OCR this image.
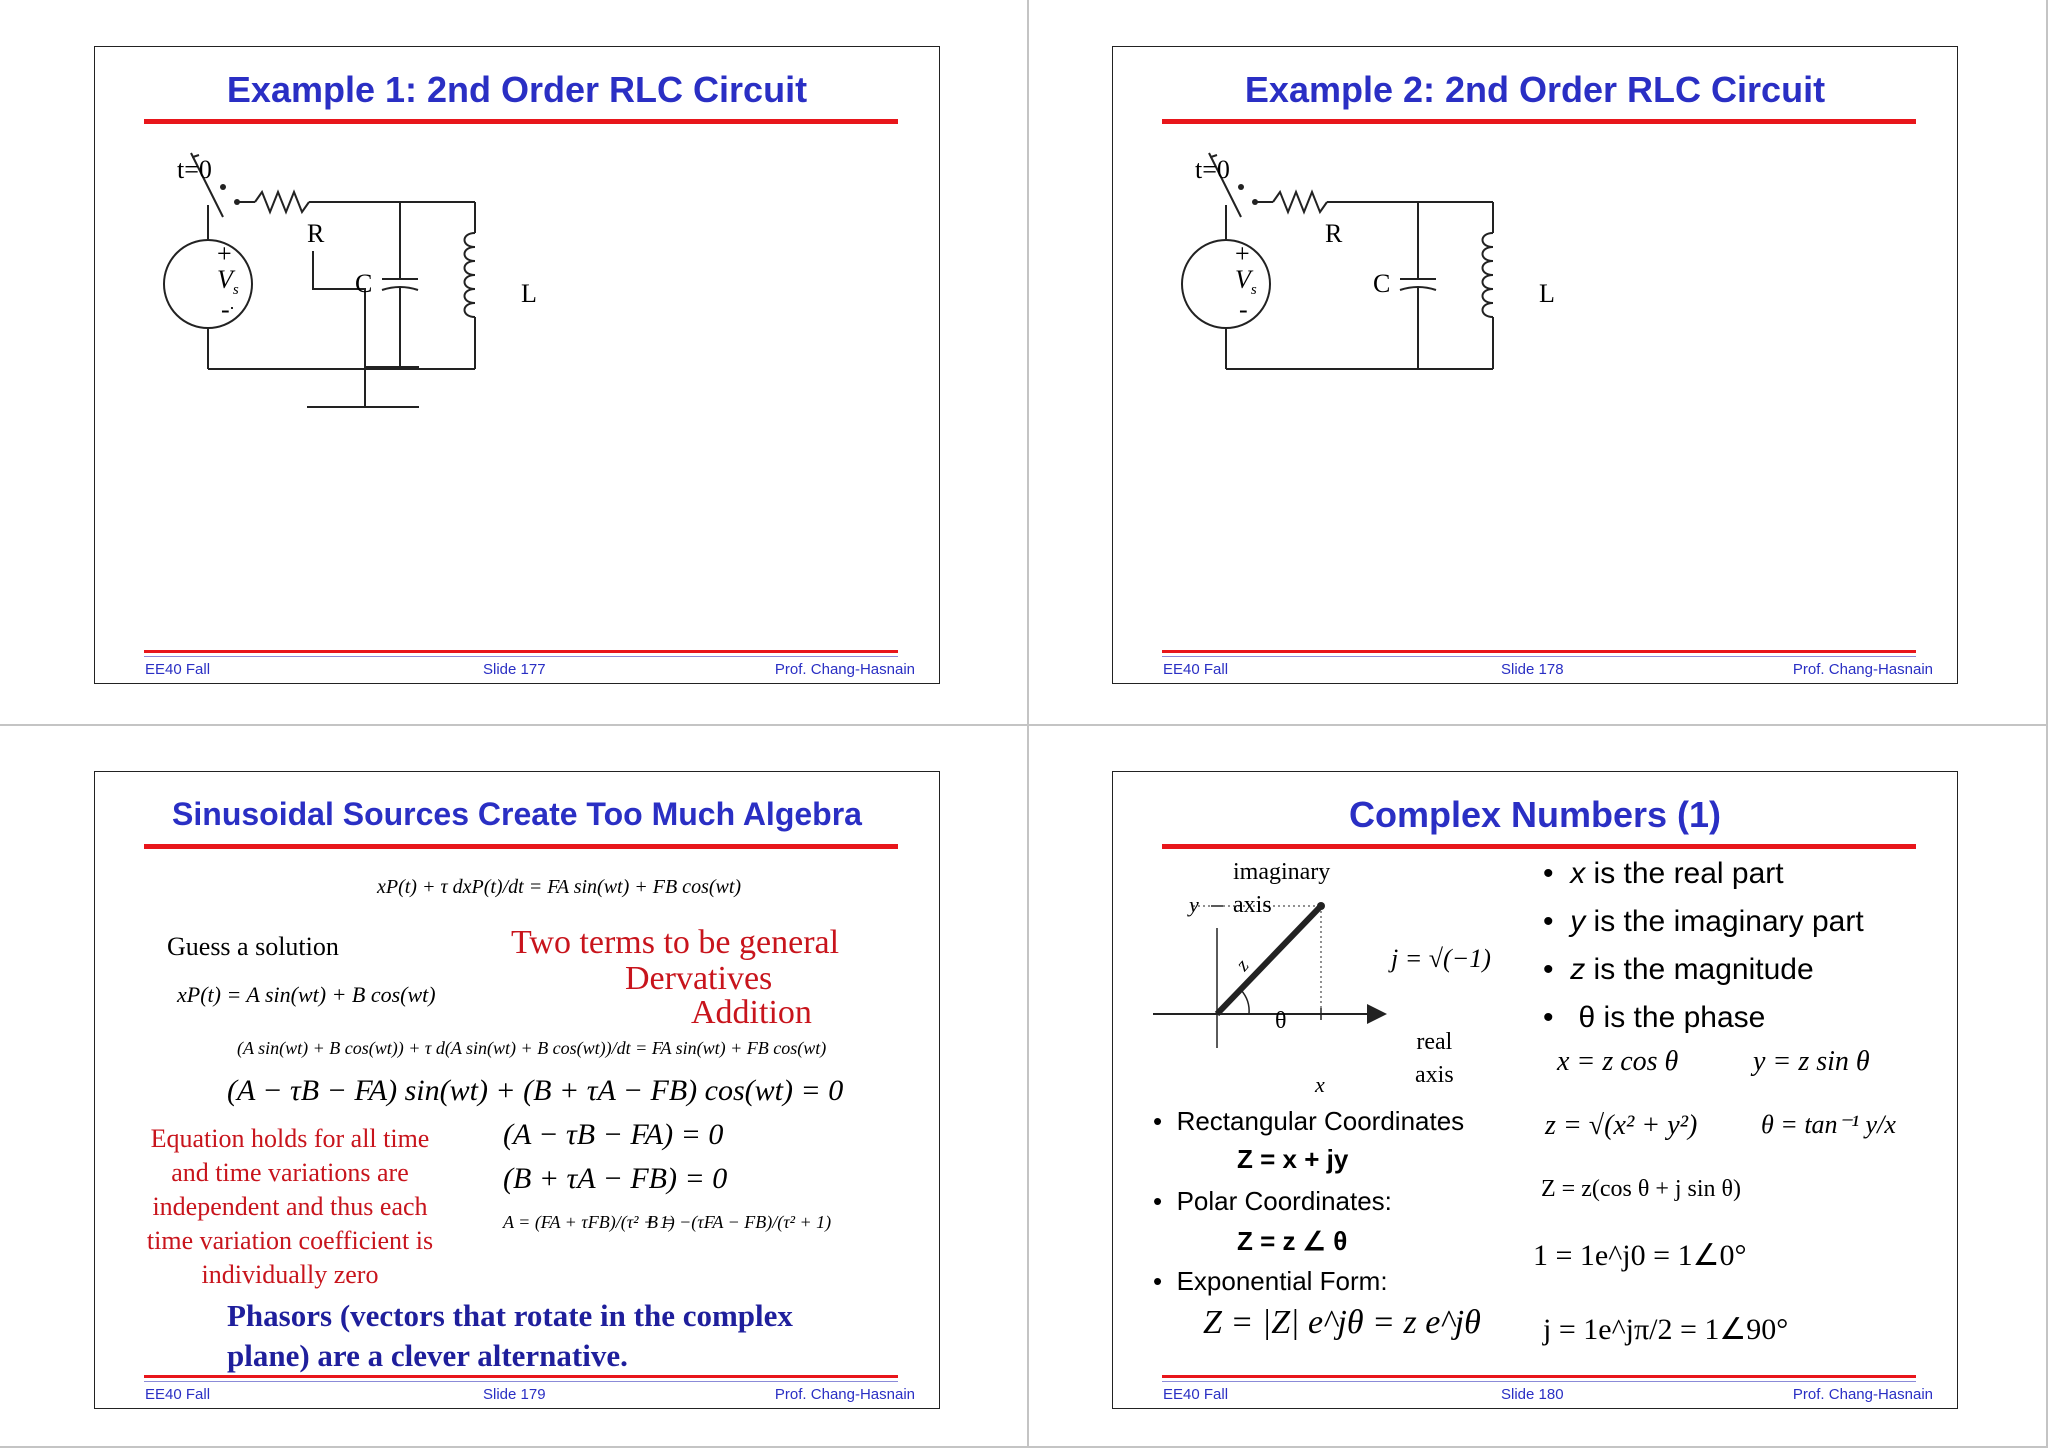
Example 1: 2nd Order RLC Circuit
t=0
R
C	L
+
$V_s$
-
EE40 Fall	Slide 177	Prof. Chang-Hasnain
Example 2: 2nd Order RLC Circuit
t=0
R
C	L
+
$V_s$
-
EE40 Fall	Slide 178	Prof. Chang-Hasnain
Sinusoidal Sources Create Too Much Algebra
xP(t) + τ dxP(t)/dt = FA sin(wt) + FB cos(wt)
Guess a solution
xP(t) = A sin(wt) + B cos(wt)
Two terms to be general
Dervatives
Addition
(A sin(wt) + B cos(wt)) + τ d(A sin(wt) + B cos(wt))/dt = FA sin(wt) + FB cos(wt)
(A − τB − FA) sin(wt) + (B + τA − FB) cos(wt) = 0
Equation holds for all time
and time variations are
independent and thus each
time variation coefficient is
individually zero
(A − τB − FA) = 0
(B + τA − FB) = 0
A = (FA + τFB)/(τ² + 1)
B = −(τFA − FB)/(τ² + 1)
Phasors (vectors that rotate in the complex
plane) are a clever alternative.
EE40 Fall	Slide 179	Prof. Chang-Hasnain
Complex Numbers (1)
imaginary
axis
y
z
θ
x
real
axis
j = √(−1)
•  x is the real part
•  y is the imaginary part
•  z is the magnitude
•   θ is the phase
x = z cos θ	y = z sin θ
z = √(x² + y²) θ = tan⁻¹ y/x
Z = z(cos θ + j sin θ)
1 = 1e^j0 = 1∠0°
j = 1e^jπ/2 = 1∠90°
•  Rectangular Coordinates
Z = x + jy
•  Polar Coordinates:
Z = z ∠ θ
•  Exponential Form:
Z = |Z| e^jθ = z e^jθ
EE40 Fall	Slide 180	Prof. Chang-Hasnain
